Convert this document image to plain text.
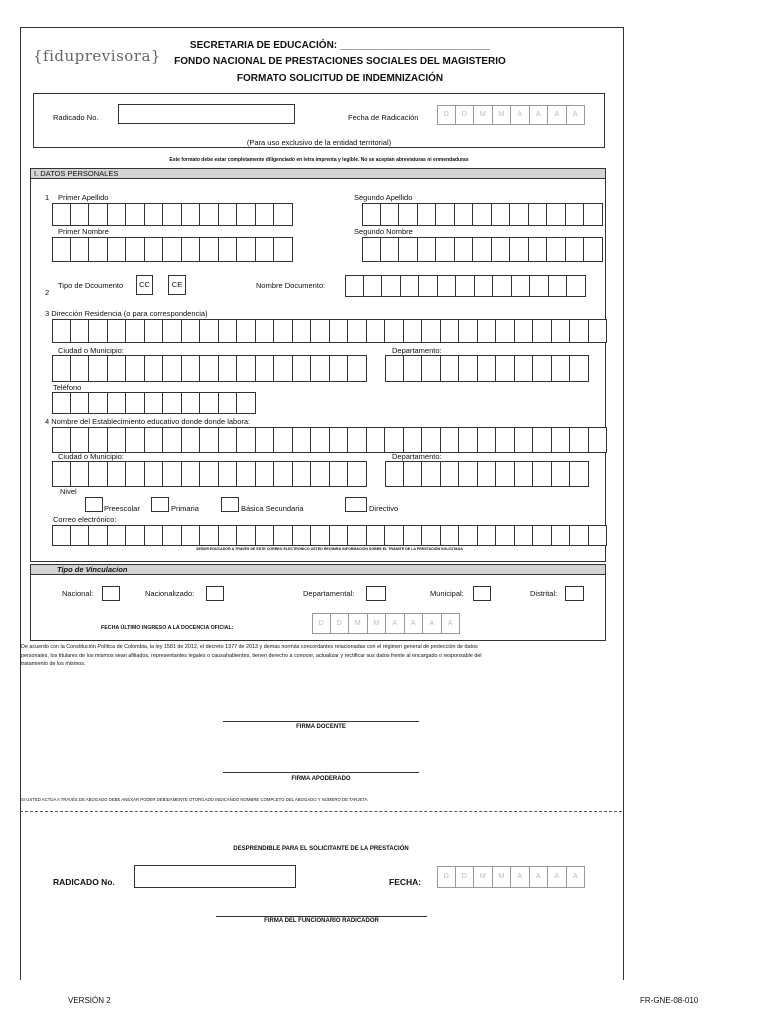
{fiduprevisora}
SECRETARIA DE EDUCACIÓN: ___________________________
FONDO NACIONAL DE PRESTACIONES SOCIALES DEL MAGISTERIO
FORMATO SOLICITUD DE INDEMNIZACIÓN
Radicado No.	Fecha de Radicación	D	D	M	M	A	A	A	A
(Para uso exclusivo de la entidad territorial)
Este formato debe estar completamente diligenciado en letra imprenta y legible. No se aceptan abreviaturas ni enmendaduras
I. DATOS PERSONALES
1 Primer Apellido	Segundo Apellido
Primer Nombre	Segundo Nombre
2
Tipo de Dcoumento	CC	CE	Nombre Documento:
3 Dirección Residencia (o para correspondencia)
Ciudad o Municipio:	Departamento:
Teléfono
4 Nombre del Establecimiento educativo donde donde labora:
Ciudad o Municipio:	Departamento:
Nivel
Preescolar	Primaria	Básica Secundaria	Directivo
Correo electrónico:
SEÑOR EDUCADOR A TRAVÉS DE ESTE CORREO ELECTRÓNICO USTED RECIBIRÁ INFORMACIÓN SOBRE EL TRÁMITE DE LA PRESTACIÓN SOLICITADA
Tipo de Vinculacion
Nacional:	Nacionalizado:	Departamental:	Municipal:	Distrital:
FECHA ÚLTIMO INGRESO A LA DOCENCIA OFICIAL:
D	D	M	M	A	A	A	A
De acuerdo con la Constitución Política de Colombia, la ley 1581 de 2012, el decreto 1377 de 2013 y demas normás concordantes relacionadas con el régimen general de protección de datos
personales, los titulares de los mismos sean afiliados, representantes legales o causahabientes, tienen derecho a conocer, actualizar y rectificar sus datos frente al encargado o responsable del
tratamiento de los mismos.
FIRMA DOCENTE
FIRMA APODERADO
SI USTED ACTÚA A TRAVÉS DE ABOGADO DEBE ANEXAR PODER DEBIDAMENTE OTORGADO INDICANDO NOMBRE COMPLETO DEL ABOGADO Y NÚMERO DE TARJETA
DESPRENDIBLE PARA EL SOLICITANTE DE LA PRESTACIÓN
RADICADO No.	FECHA:
D	D	M	M	A	A	A	A
FIRMA DEL FUNCIONARIO RADICADOR
VERSIÓN 2	FR-GNE-08-010
